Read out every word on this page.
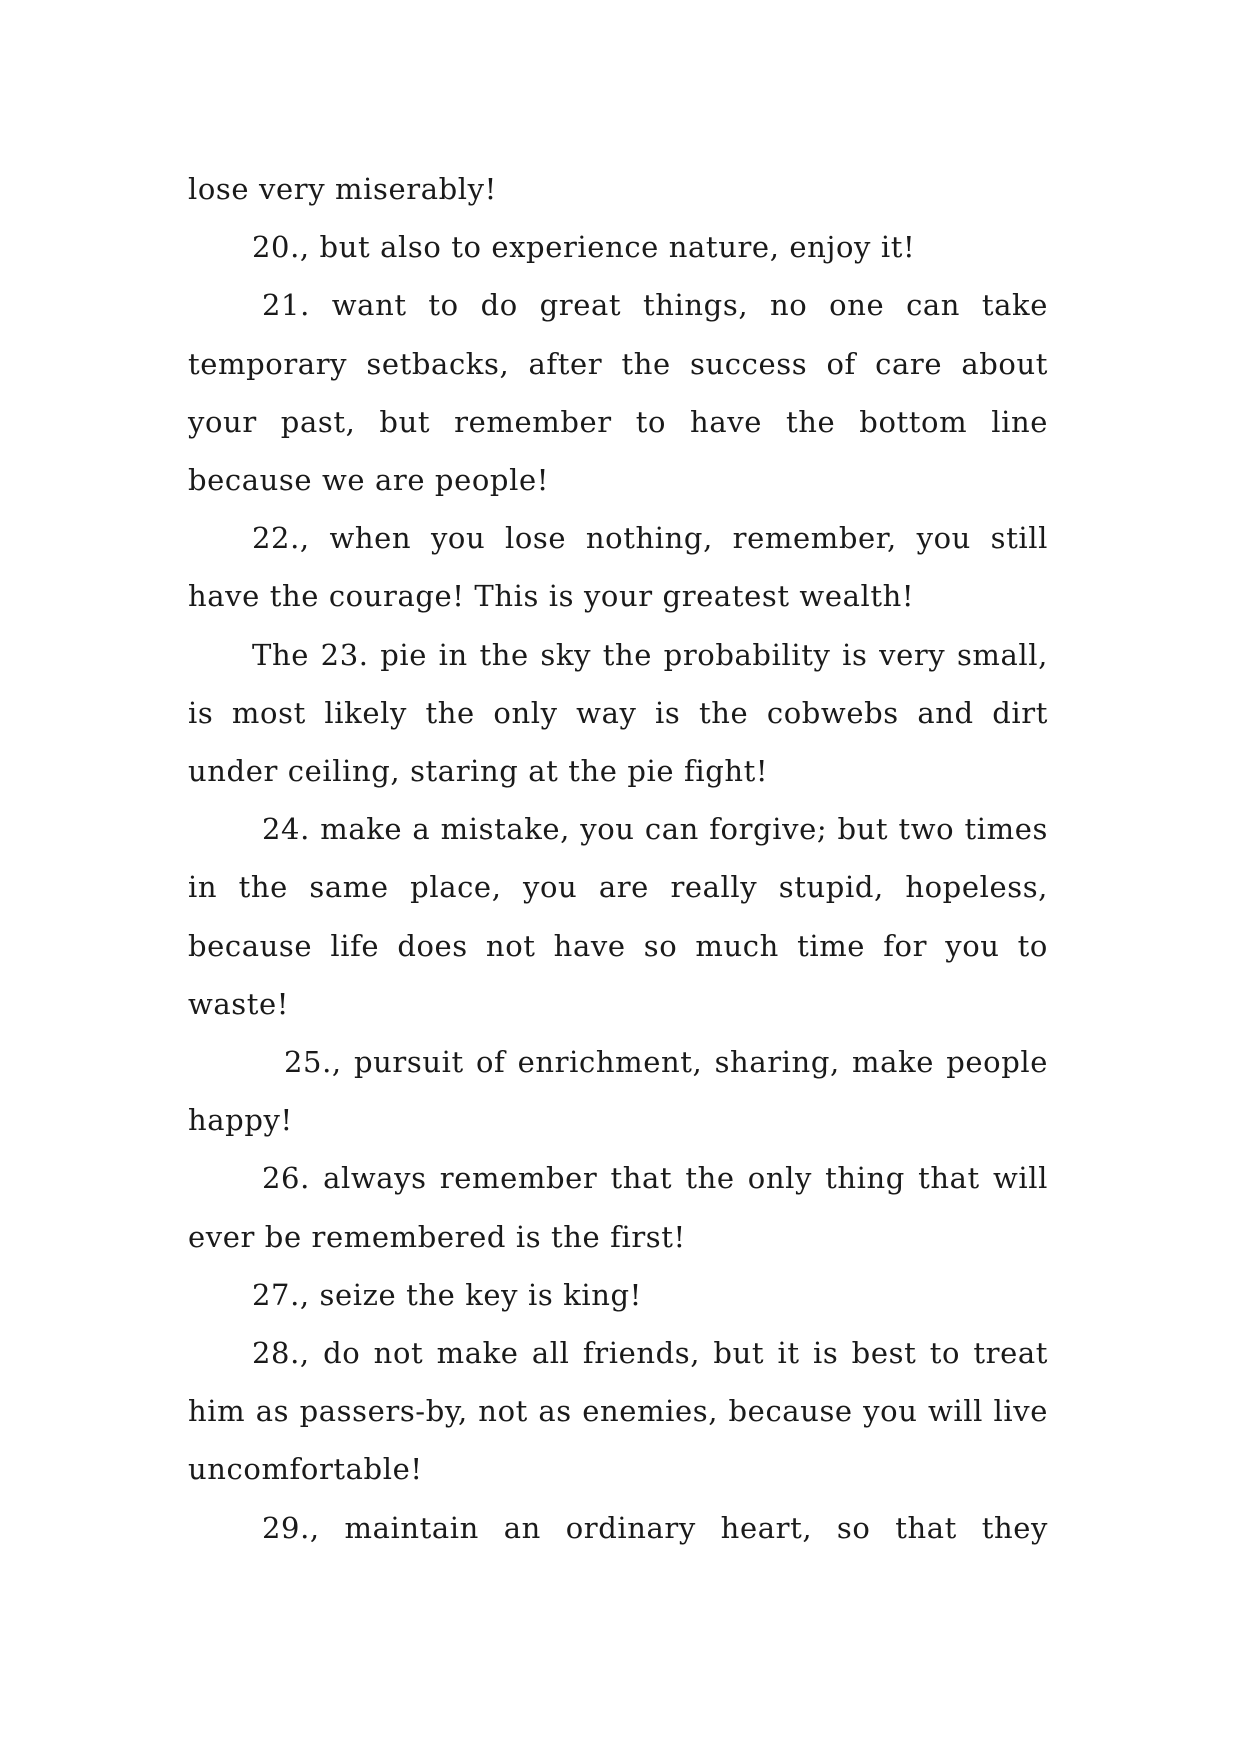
lose very miserably!

20., but also to experience nature, enjoy it!

21. want to do great things, no one can take temporary setbacks, after the success of care about your past, but remember to have the bottom line because we are people!

22., when you lose nothing, remember, you still have the courage! This is your greatest wealth!

The 23. pie in the sky the probability is very small, is most likely the only way is the cobwebs and dirt under ceiling, staring at the pie fight!

24. make a mistake, you can forgive; but two times in the same place, you are really stupid, hopeless, because life does not have so much time for you to waste!

25., pursuit of enrichment, sharing, make people happy!

26. always remember that the only thing that will ever be remembered is the first!

27., seize the key is king!

28., do not make all friends, but it is best to treat him as passers-by, not as enemies, because you will live uncomfortable!

29., maintain an ordinary heart, so that they
